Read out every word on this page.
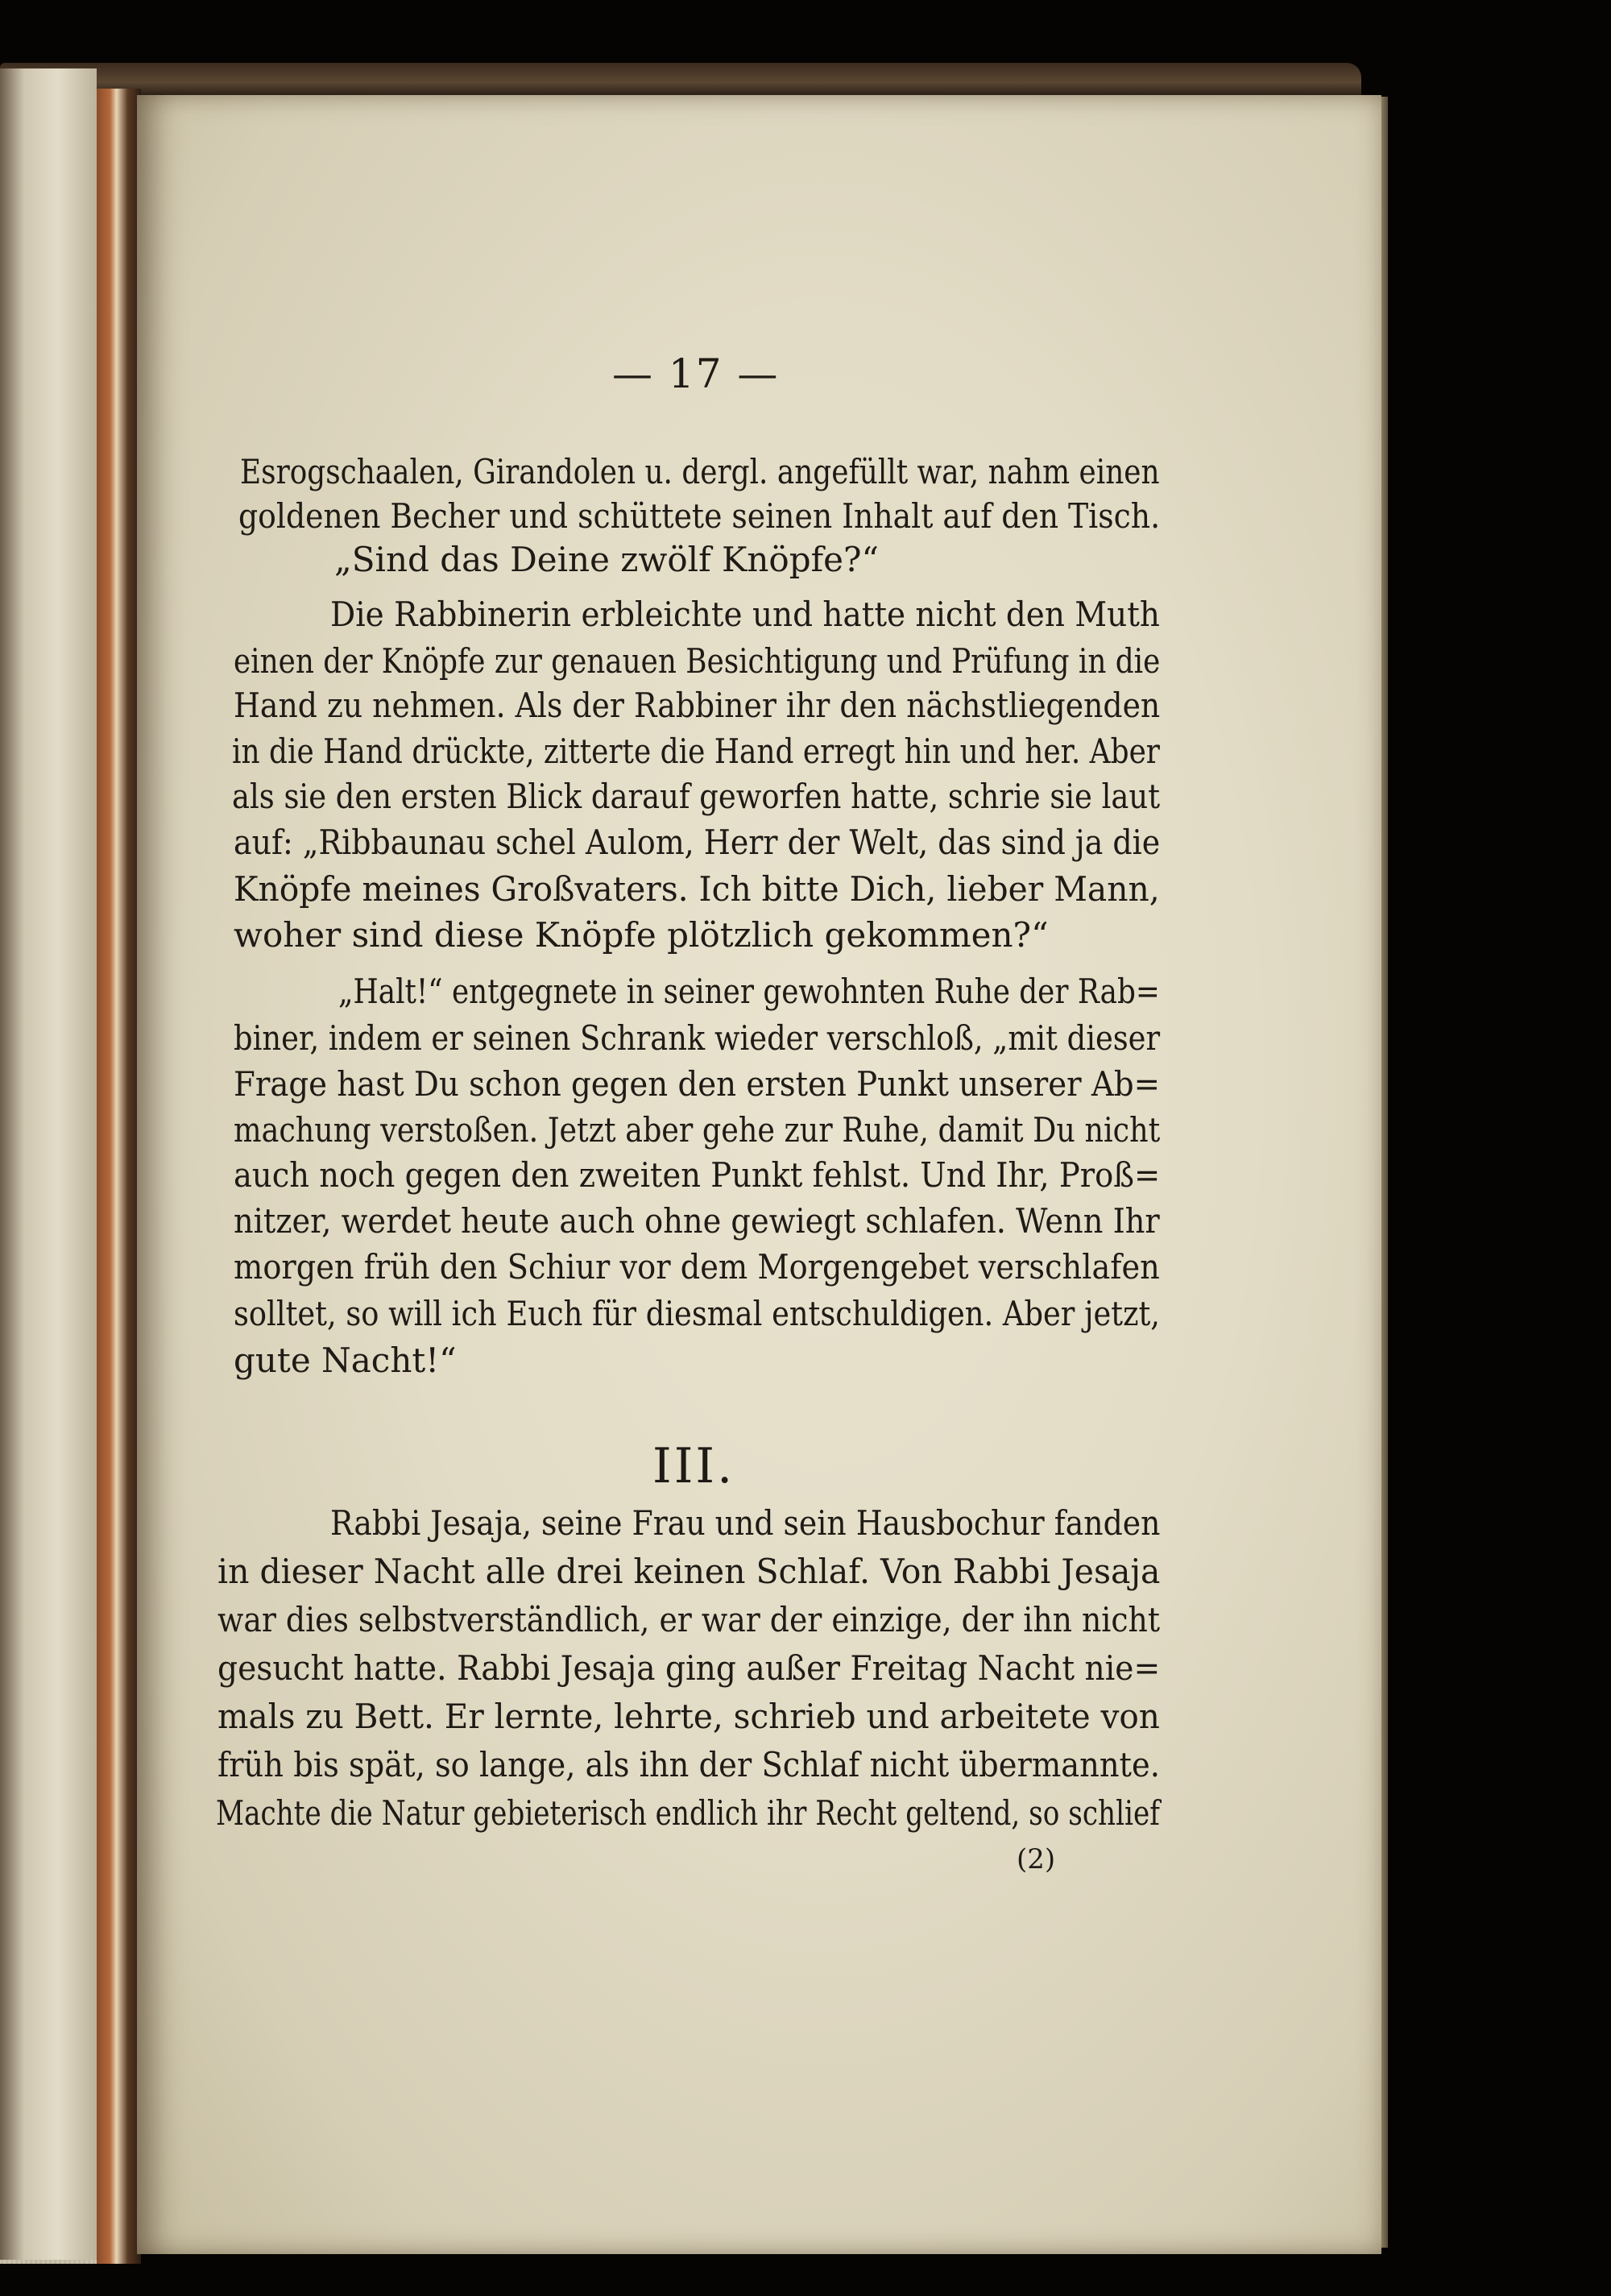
— 17 —
Esrogschaalen, Girandolen u. dergl. angefüllt war, nahm einen
goldenen Becher und schüttete seinen Inhalt auf den Tisch.
„Sind das Deine zwölf Knöpfe?“
Die Rabbinerin erbleichte und hatte nicht den Muth
einen der Knöpfe zur genauen Besichtigung und Prüfung in die
Hand zu nehmen. Als der Rabbiner ihr den nächstliegenden
in die Hand drückte, zitterte die Hand erregt hin und her. Aber
als sie den ersten Blick darauf geworfen hatte, schrie sie laut
auf: „Ribbaunau schel Aulom, Herr der Welt, das sind ja die
Knöpfe meines Großvaters. Ich bitte Dich, lieber Mann,
woher sind diese Knöpfe plötzlich gekommen?“
„Halt!“ entgegnete in seiner gewohnten Ruhe der Rab=
biner, indem er seinen Schrank wieder verschloß, „mit dieser
Frage hast Du schon gegen den ersten Punkt unserer Ab=
machung verstoßen. Jetzt aber gehe zur Ruhe, damit Du nicht
auch noch gegen den zweiten Punkt fehlst. Und Ihr, Proß=
nitzer, werdet heute auch ohne gewiegt schlafen. Wenn Ihr
morgen früh den Schiur vor dem Morgengebet verschlafen
solltet, so will ich Euch für diesmal entschuldigen. Aber jetzt,
gute Nacht!“
III.
Rabbi Jesaja, seine Frau und sein Hausbochur fanden
in dieser Nacht alle drei keinen Schlaf. Von Rabbi Jesaja
war dies selbstverständlich, er war der einzige, der ihn nicht
gesucht hatte. Rabbi Jesaja ging außer Freitag Nacht nie=
mals zu Bett. Er lernte, lehrte, schrieb und arbeitete von
früh bis spät, so lange, als ihn der Schlaf nicht übermannte.
Machte die Natur gebieterisch endlich ihr Recht geltend, so schlief
(2)
